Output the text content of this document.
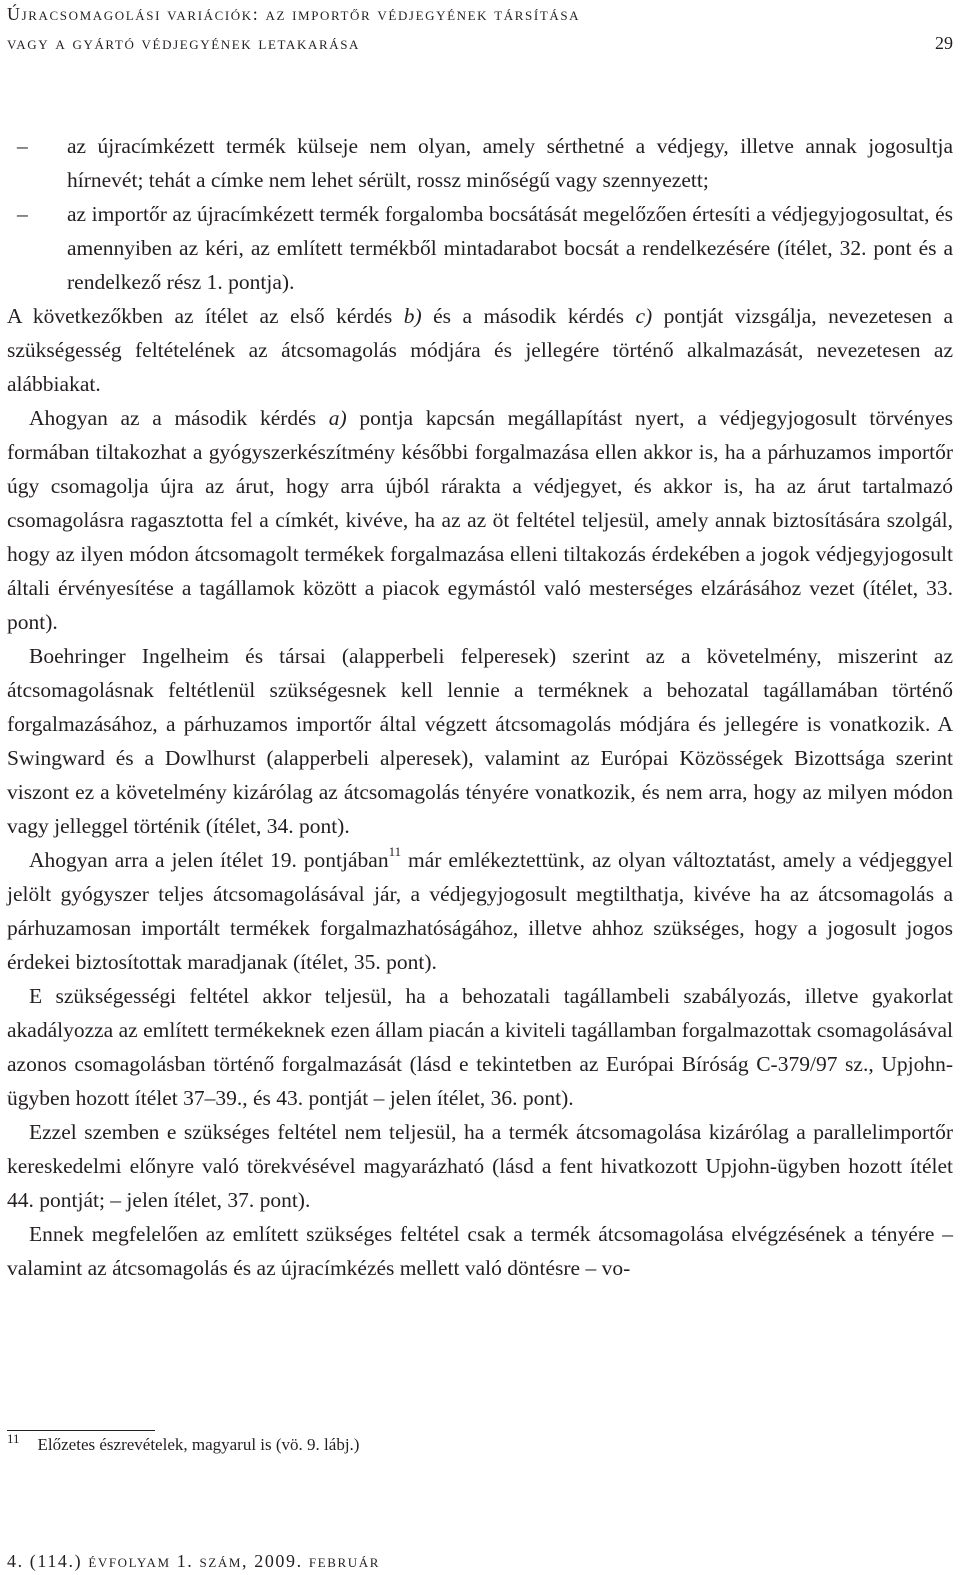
Újracsomagolási variációk: az importőr védjegyének társítása

vagy a gyártó védjegyének letakarása	29

– az újracímkézett termék külseje nem olyan, amely sérthetné a védjegy, illetve annak jogosultja hírnevét; tehát a címke nem lehet sérült, rossz minőségű vagy szennyezett;

– az importőr az újracímkézett termék forgalomba bocsátását megelőzően értesíti a védjegyjogosultat, és amennyiben az kéri, az említett termékből mintadarabot bocsát a rendelkezésére (ítélet, 32. pont és a rendelkező rész 1. pontja).

A következőkben az ítélet az első kérdés b) és a második kérdés c) pontját vizsgálja, nevezetesen a szükségesség feltételének az átcsomagolás módjára és jellegére történő alkalmazását, nevezetesen az alábbiakat.

Ahogyan az a második kérdés a) pontja kapcsán megállapítást nyert, a védjegyjogosult törvényes formában tiltakozhat a gyógyszerkészítmény későbbi forgalmazása ellen akkor is, ha a párhuzamos importőr úgy csomagolja újra az árut, hogy arra újból rárakta a védjegyet, és akkor is, ha az árut tartalmazó csomagolásra ragasztotta fel a címkét, kivéve, ha az az öt feltétel teljesül, amely annak biztosítására szolgál, hogy az ilyen módon átcsomagolt termékek forgalmazása elleni tiltakozás érdekében a jogok védjegyjogosult általi érvényesítése a tagállamok között a piacok egymástól való mesterséges elzárásához vezet (ítélet, 33. pont).

Boehringer Ingelheim és társai (alapperbeli felperesek) szerint az a követelmény, miszerint az átcsomagolásnak feltétlenül szükségesnek kell lennie a terméknek a behozatal tagállamában történő forgalmazásához, a párhuzamos importőr által végzett átcsomagolás módjára és jellegére is vonatkozik. A Swingward és a Dowlhurst (alapperbeli alperesek), valamint az Európai Közösségek Bizottsága szerint viszont ez a követelmény kizárólag az átcsomagolás tényére vonatkozik, és nem arra, hogy az milyen módon vagy jelleggel történik (ítélet, 34. pont).

Ahogyan arra a jelen ítélet 19. pontjában$^{11}$ már emlékeztettünk, az olyan változtatást, amely a védjeggyel jelölt gyógyszer teljes átcsomagolásával jár, a védjegyjogosult megtilthatja, kivéve ha az átcsomagolás a párhuzamosan importált termékek forgalmazhatóságához, illetve ahhoz szükséges, hogy a jogosult jogos érdekei biztosítottak maradjanak (ítélet, 35. pont).

E szükségességi feltétel akkor teljesül, ha a behozatali tagállambeli szabályozás, illetve gyakorlat akadályozza az említett termékeknek ezen állam piacán a kiviteli tagállamban forgalmazottak csomagolásával azonos csomagolásban történő forgalmazását (lásd e tekintetben az Európai Bíróság C-379/97 sz., Upjohn-ügyben hozott ítélet 37–39., és 43. pontját – jelen ítélet, 36. pont).

Ezzel szemben e szükséges feltétel nem teljesül, ha a termék átcsomagolása kizárólag a parallelimportőr kereskedelmi előnyre való törekvésével magyarázható (lásd a fent hivatkozott Upjohn-ügyben hozott ítélet 44. pontját; – jelen ítélet, 37. pont).

Ennek megfelelően az említett szükséges feltétel csak a termék átcsomagolása elvégzésének a tényére – valamint az átcsomagolás és az újracímkézés mellett való döntésre – vo-

$^{11}$ Előzetes észrevételek, magyarul is (vö. 9. lábj.)
4. (114.) évfolyam 1. szám, 2009. február
